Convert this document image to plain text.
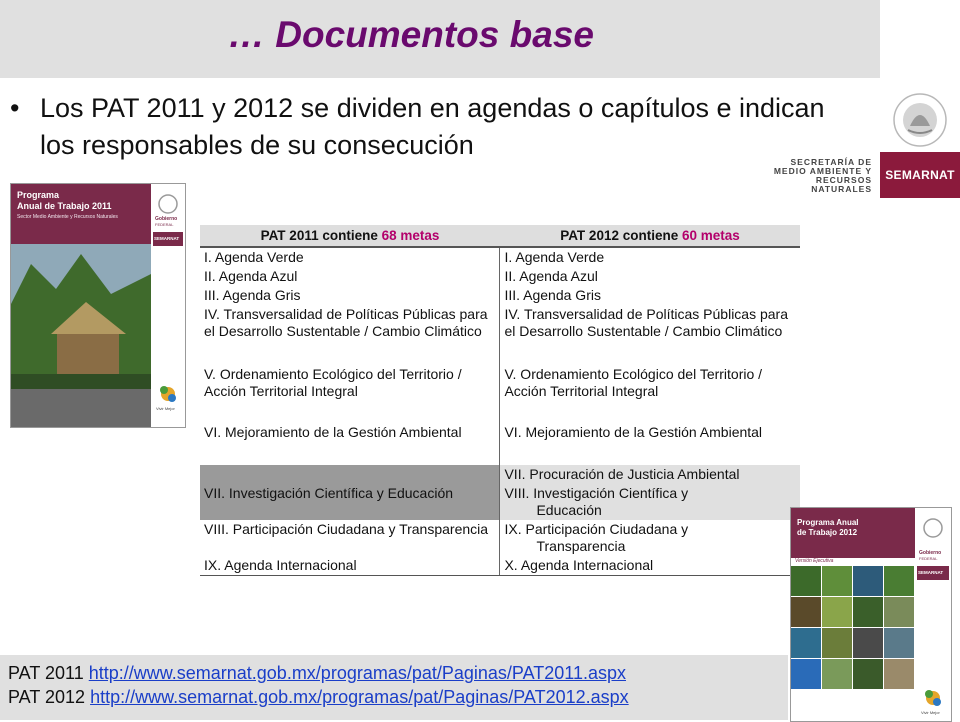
… Documentos base
SEMARNAT
SECRETARÍA DE
MEDIO AMBIENTE Y
RECURSOS NATURALES
• Los PAT 2011 y 2012 se dividen en agendas o capítulos e indican los responsables de su consecución
Programa
Anual de Trabajo 2011
Sector Medio Ambiente y Recursos Naturales	Gobierno
FEDERAL
SEMARNAT
Vivir Mejor
PAT 2011 contiene 68 metas	PAT 2012 contiene 60 metas
I. Agenda Verde	I. Agenda Verde
II. Agenda Azul	II. Agenda Azul
III. Agenda Gris	III. Agenda Gris
IV. Transversalidad de Políticas Públicas para el Desarrollo Sustentable / Cambio Climático	IV. Transversalidad de Políticas Públicas para el Desarrollo Sustentable / Cambio Climático
V. Ordenamiento Ecológico del Territorio / Acción Territorial Integral	V. Ordenamiento Ecológico del Territorio / Acción Territorial Integral
VI. Mejoramiento de la Gestión Ambiental	VI. Mejoramiento de la Gestión Ambiental
	VII. Procuración de Justicia Ambiental
VII. Investigación Científica y Educación	VIII. Investigación Científica y
Educación

VIII. Participación Ciudadana y Transparencia	IX. Participación Ciudadana y
Transparencia

IX. Agenda Internacional	X. Agenda Internacional
Programa Anual
de Trabajo 2012
Versión Ejecutiva
Gobierno
FEDERAL
SEMARNAT
Vivir Mejor
PAT 2011 http://www.semarnat.gob.mx/programas/pat/Paginas/PAT2011.aspx
PAT 2012 http://www.semarnat.gob.mx/programas/pat/Paginas/PAT2012.aspx
